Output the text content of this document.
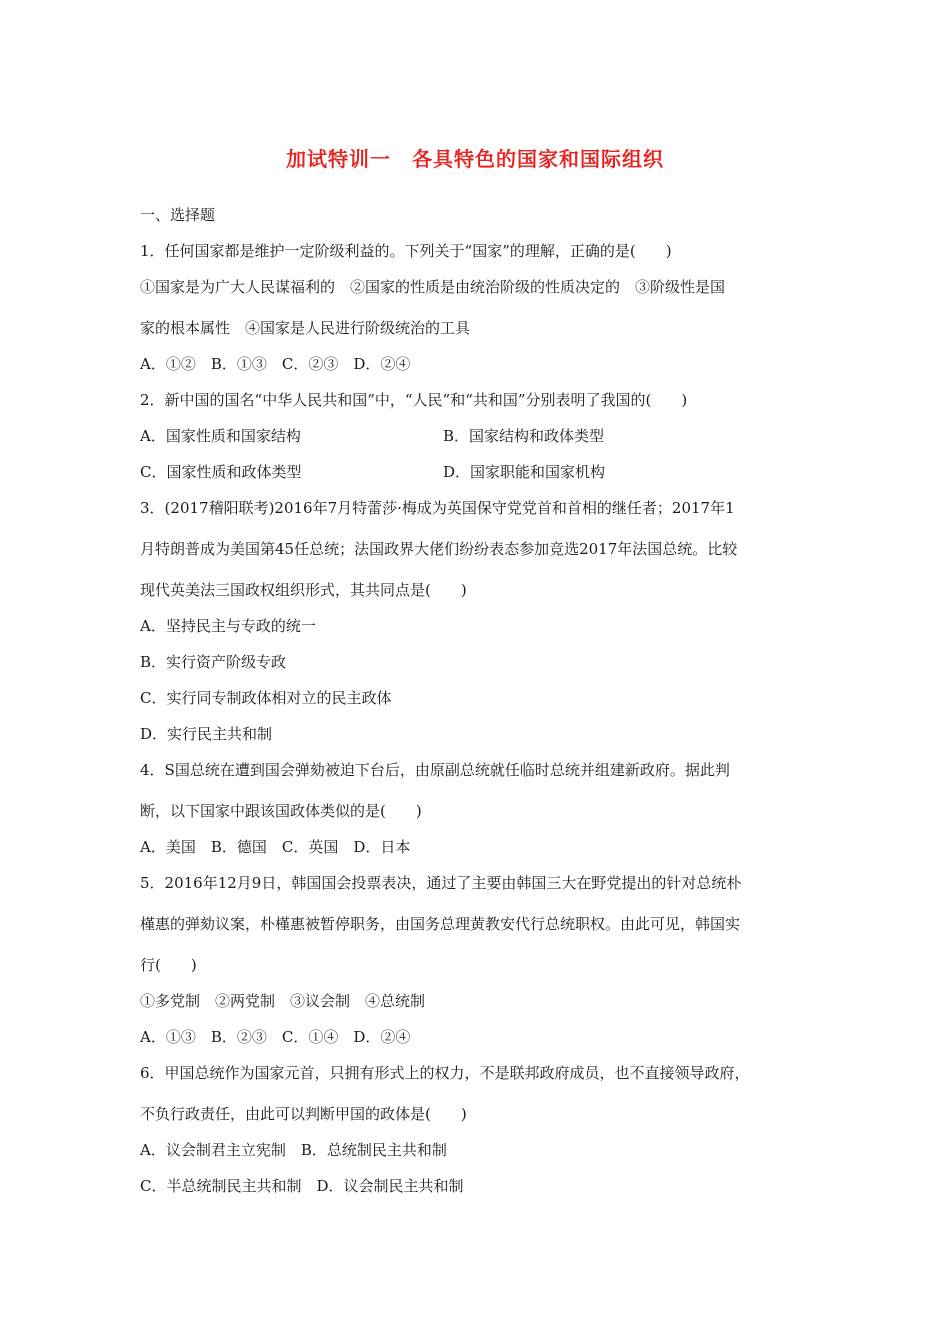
加试特训一　各具特色的国家和国际组织
一、选择题
1．任何国家都是维护一定阶级利益的。下列关于“国家”的理解，正确的是(　　)
①国家是为广大人民谋福利的　②国家的性质是由统治阶级的性质决定的　③阶级性是国
家的根本属性　④国家是人民进行阶级统治的工具
A．①②　B．①③　C．②③　D．②④
2．新中国的国名“中华人民共和国”中，“人民”和“共和国”分别表明了我国的(　　)
A．国家性质和国家结构	B．国家结构和政体类型
C．国家性质和政体类型	D．国家职能和国家机构
3．(2017稽阳联考)2016年7月特蕾莎·梅成为英国保守党党首和首相的继任者；2017年1
月特朗普成为美国第45任总统；法国政界大佬们纷纷表态参加竞选2017年法国总统。比较
现代英美法三国政权组织形式，其共同点是(　　)
A．坚持民主与专政的统一
B．实行资产阶级专政
C．实行同专制政体相对立的民主政体
D．实行民主共和制
4．S国总统在遭到国会弹劾被迫下台后，由原副总统就任临时总统并组建新政府。据此判
断，以下国家中跟该国政体类似的是(　　)
A．美国　B．德国　C．英国　D．日本
5．2016年12月9日，韩国国会投票表决，通过了主要由韩国三大在野党提出的针对总统朴
槿惠的弹劾议案，朴槿惠被暂停职务，由国务总理黄教安代行总统职权。由此可见，韩国实
行(　　)
①多党制　②两党制　③议会制　④总统制
A．①③　B．②③　C．①④　D．②④
6．甲国总统作为国家元首，只拥有形式上的权力，不是联邦政府成员，也不直接领导政府，
不负行政责任，由此可以判断甲国的政体是(　　)
A．议会制君主立宪制　B．总统制民主共和制
C．半总统制民主共和制　D．议会制民主共和制
